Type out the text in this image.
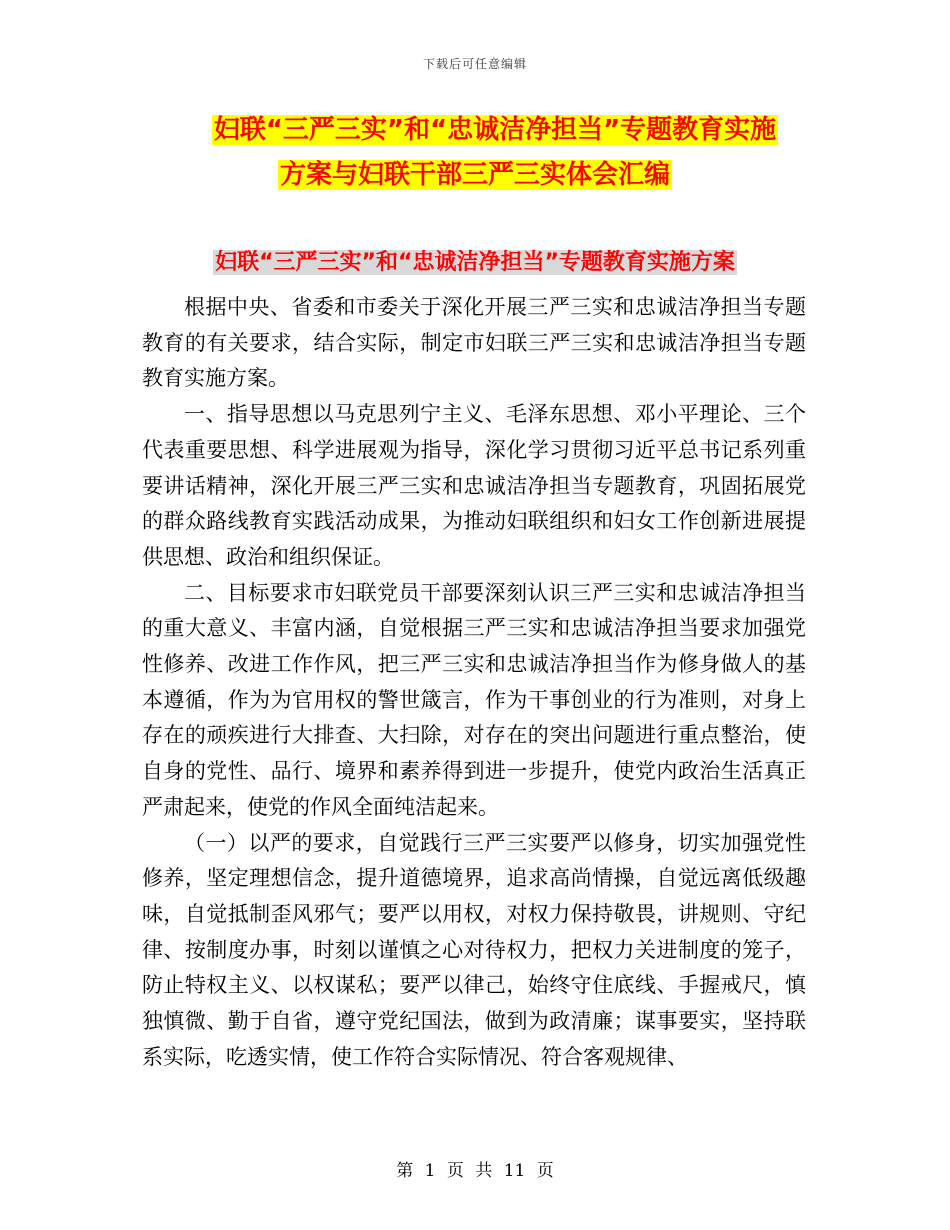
下载后可任意编辑
妇联“三严三实”和“忠诚洁净担当”专题教育实施
方案与妇联干部三严三实体会汇编
妇联“三严三实”和“忠诚洁净担当”专题教育实施方案

根据中央、省委和市委关于深化开展三严三实和忠诚洁净担当专题教育的有关要求，结合实际，制定市妇联三严三实和忠诚洁净担当专题教育实施方案。

一、指导思想以马克思列宁主义、毛泽东思想、邓小平理论、三个代表重要思想、科学进展观为指导，深化学习贯彻习近平总书记系列重要讲话精神，深化开展三严三实和忠诚洁净担当专题教育，巩固拓展党的群众路线教育实践活动成果，为推动妇联组织和妇女工作创新进展提供思想、政治和组织保证。

二、目标要求市妇联党员干部要深刻认识三严三实和忠诚洁净担当的重大意义、丰富内涵，自觉根据三严三实和忠诚洁净担当要求加强党性修养、改进工作作风，把三严三实和忠诚洁净担当作为修身做人的基本遵循，作为为官用权的警世箴言，作为干事创业的行为准则，对身上存在的顽疾进行大排查、大扫除，对存在的突出问题进行重点整治，使自身的党性、品行、境界和素养得到进一步提升，使党内政治生活真正严肃起来，使党的作风全面纯洁起来。

（一）以严的要求，自觉践行三严三实要严以修身，切实加强党性修养，坚定理想信念，提升道德境界，追求高尚情操，自觉远离低级趣味，自觉抵制歪风邪气；要严以用权，对权力保持敬畏，讲规则、守纪律、按制度办事，时刻以谨慎之心对待权力，把权力关进制度的笼子，防止特权主义、以权谋私；要严以律己，始终守住底线、手握戒尺，慎独慎微、勤于自省，遵守党纪国法，做到为政清廉；谋事要实，坚持联系实际，吃透实情，使工作符合实际情况、符合客观规律、

第 1 页 共 11 页
